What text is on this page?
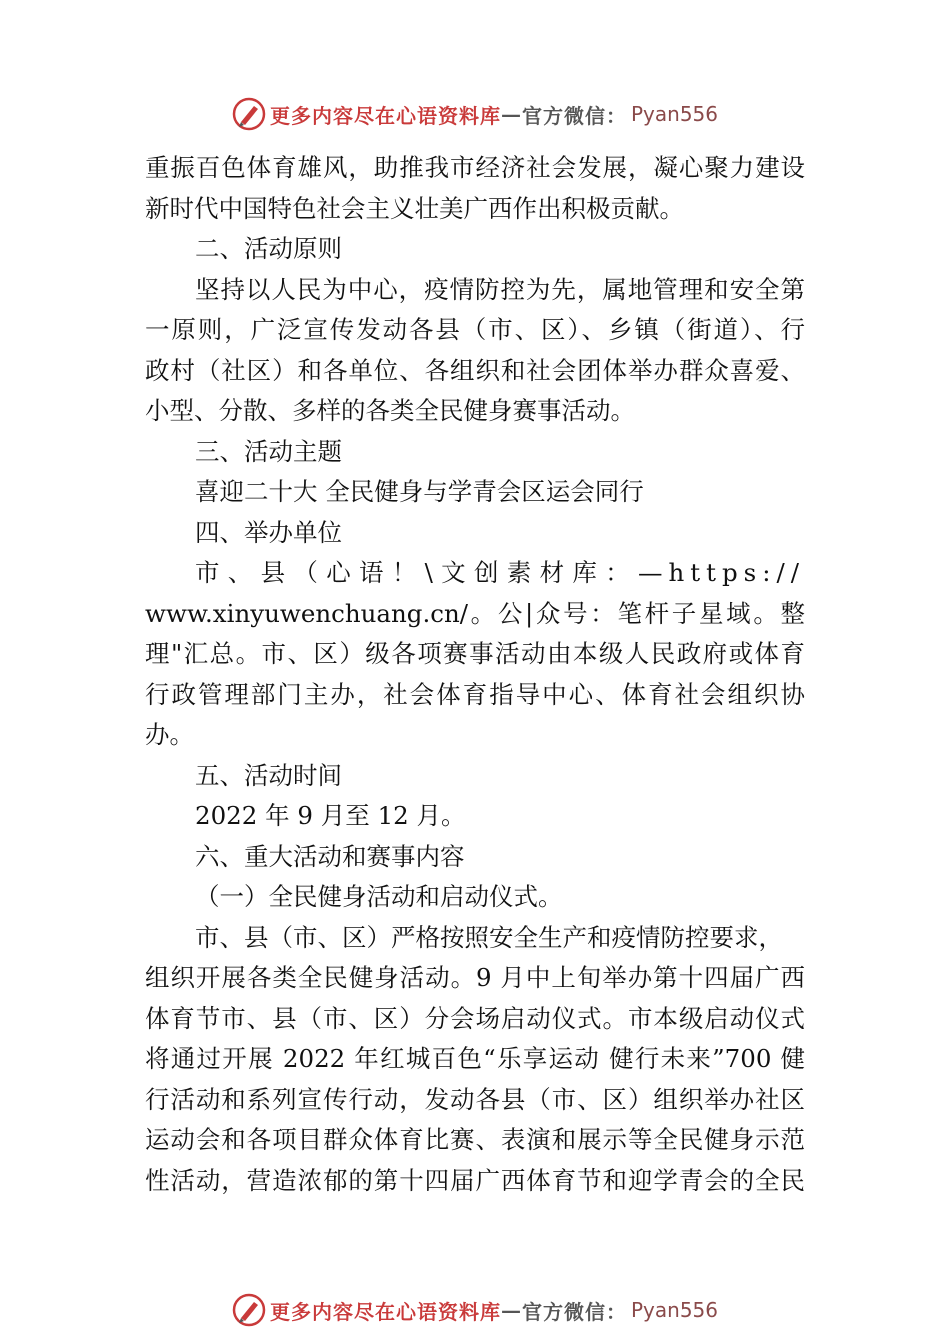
更多内容尽在心语资料库 — 官方微信： Pyan556

重振百色体育雄风，助推我市经济社会发展，凝心聚力建设

新时代中国特色社会主义壮美广西作出积极贡献。

二、活动原则

坚持以人民为中心，疫情防控为先，属地管理和安全第

一原则，广泛宣传发动各县（市、区）、乡镇（街道）、行

政村（社区）和各单位、各组织和社会团体举办群众喜爱、

小型、分散、多样的各类全民健身赛事活动。

三、活动主题

喜迎二十大 全民健身与学青会区运会同行

四、举办单位

市、县（心语！\文创素材库：—https://

www.xinyuwenchuang.cn/。公|众号：笔杆子星域。整

理"汇总。市、区）级各项赛事活动由本级人民政府或体育

行政管理部门主办，社会体育指导中心、体育社会组织协

办。

五、活动时间

2022 年 9 月至 12 月。

六、重大活动和赛事内容

（一）全民健身活动和启动仪式。

市、县（市、区）严格按照安全生产和疫情防控要求，

组织开展各类全民健身活动。9 月中上旬举办第十四届广西

体育节市、县（市、区）分会场启动仪式。市本级启动仪式

将通过开展 2022 年红城百色“乐享运动 健行未来”700 健

行活动和系列宣传行动，发动各县（市、区）组织举办社区

运动会和各项目群众体育比赛、表演和展示等全民健身示范

性活动，营造浓郁的第十四届广西体育节和迎学青会的全民

更多内容尽在心语资料库 — 官方微信： Pyan556
